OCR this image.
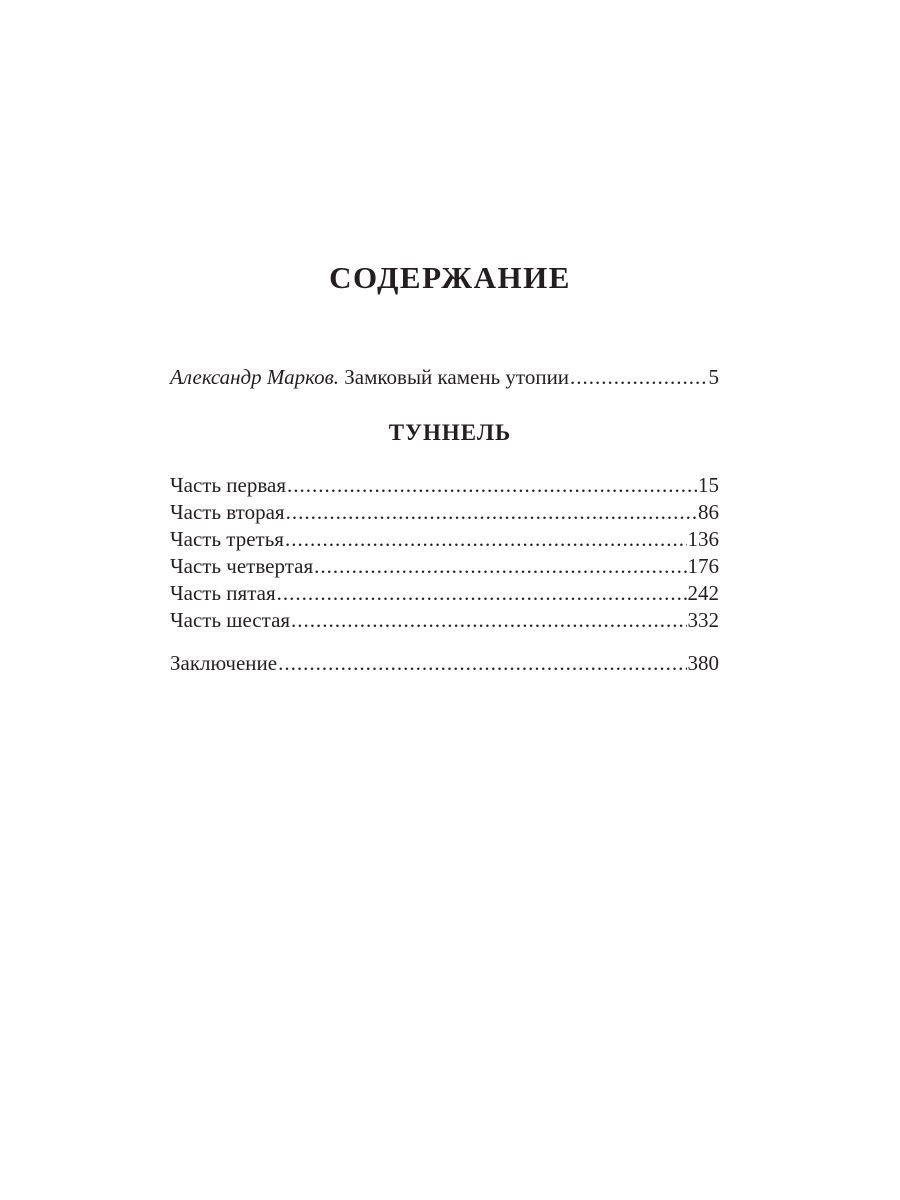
СОДЕРЖАНИЕ
Александр Марков. Замковый камень утопии .....	5
ТУННЕЛЬ
Часть первая .....	15
Часть вторая .....	86
Часть третья .....	136
Часть четвертая .....	176
Часть пятая .....	242
Часть шестая .....	332
Заключение .....	380
